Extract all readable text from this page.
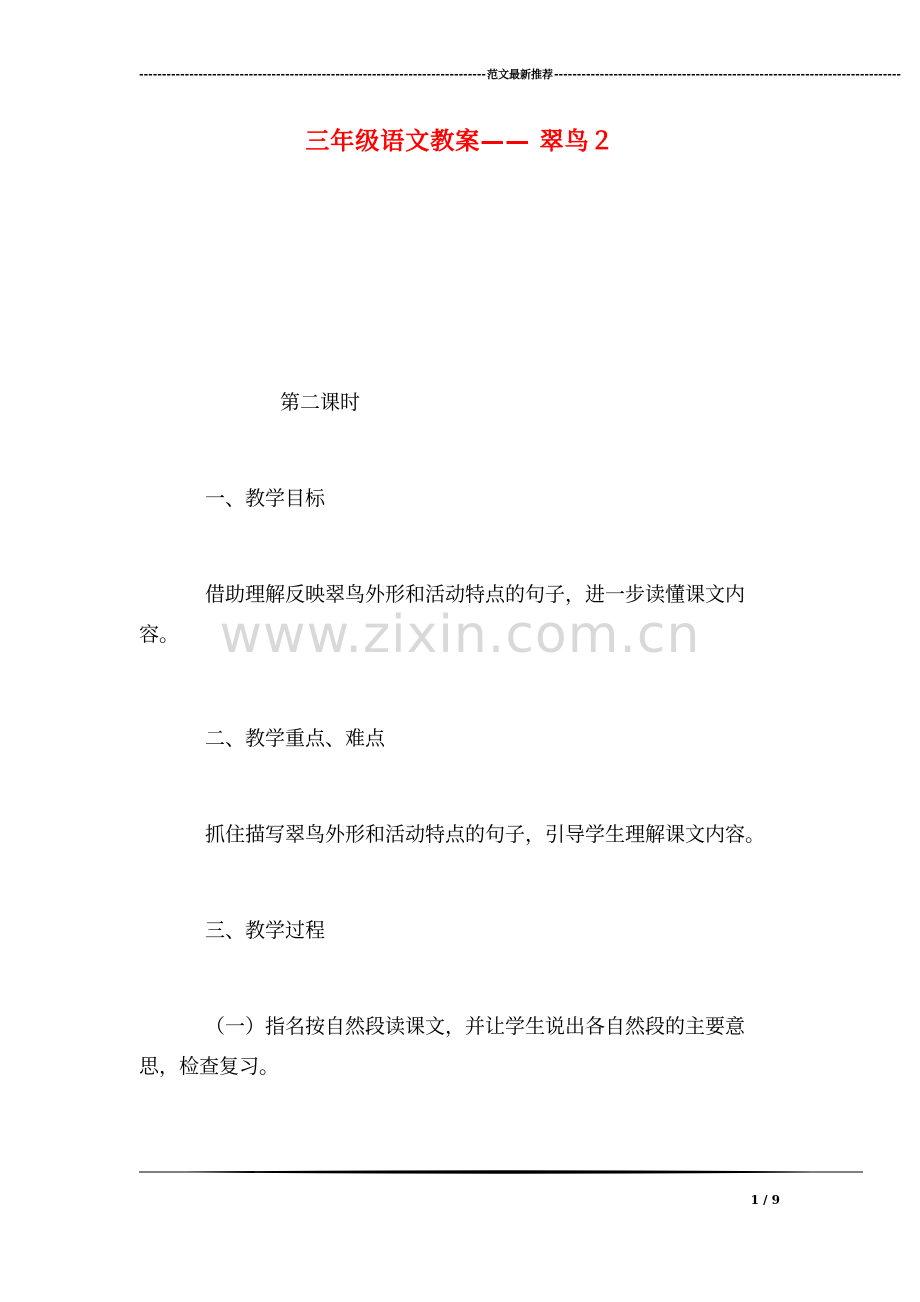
---------------------------------------------------------------------------- 范文最新推荐 ----------------------------------------------------------------------------
三年级语文教案—— 翠鸟２

第二课时

一、教学目标

借助理解反映翠鸟外形和活动特点的句子，进一步读懂课文内容。

二、教学重点、难点

抓住描写翠鸟外形和活动特点的句子，引导学生理解课文内容。

三、教学过程

（一）指名按自然段读课文，并让学生说出各自然段的主要意思，检查复习。

www.zixin.com.cn
1 / 9
